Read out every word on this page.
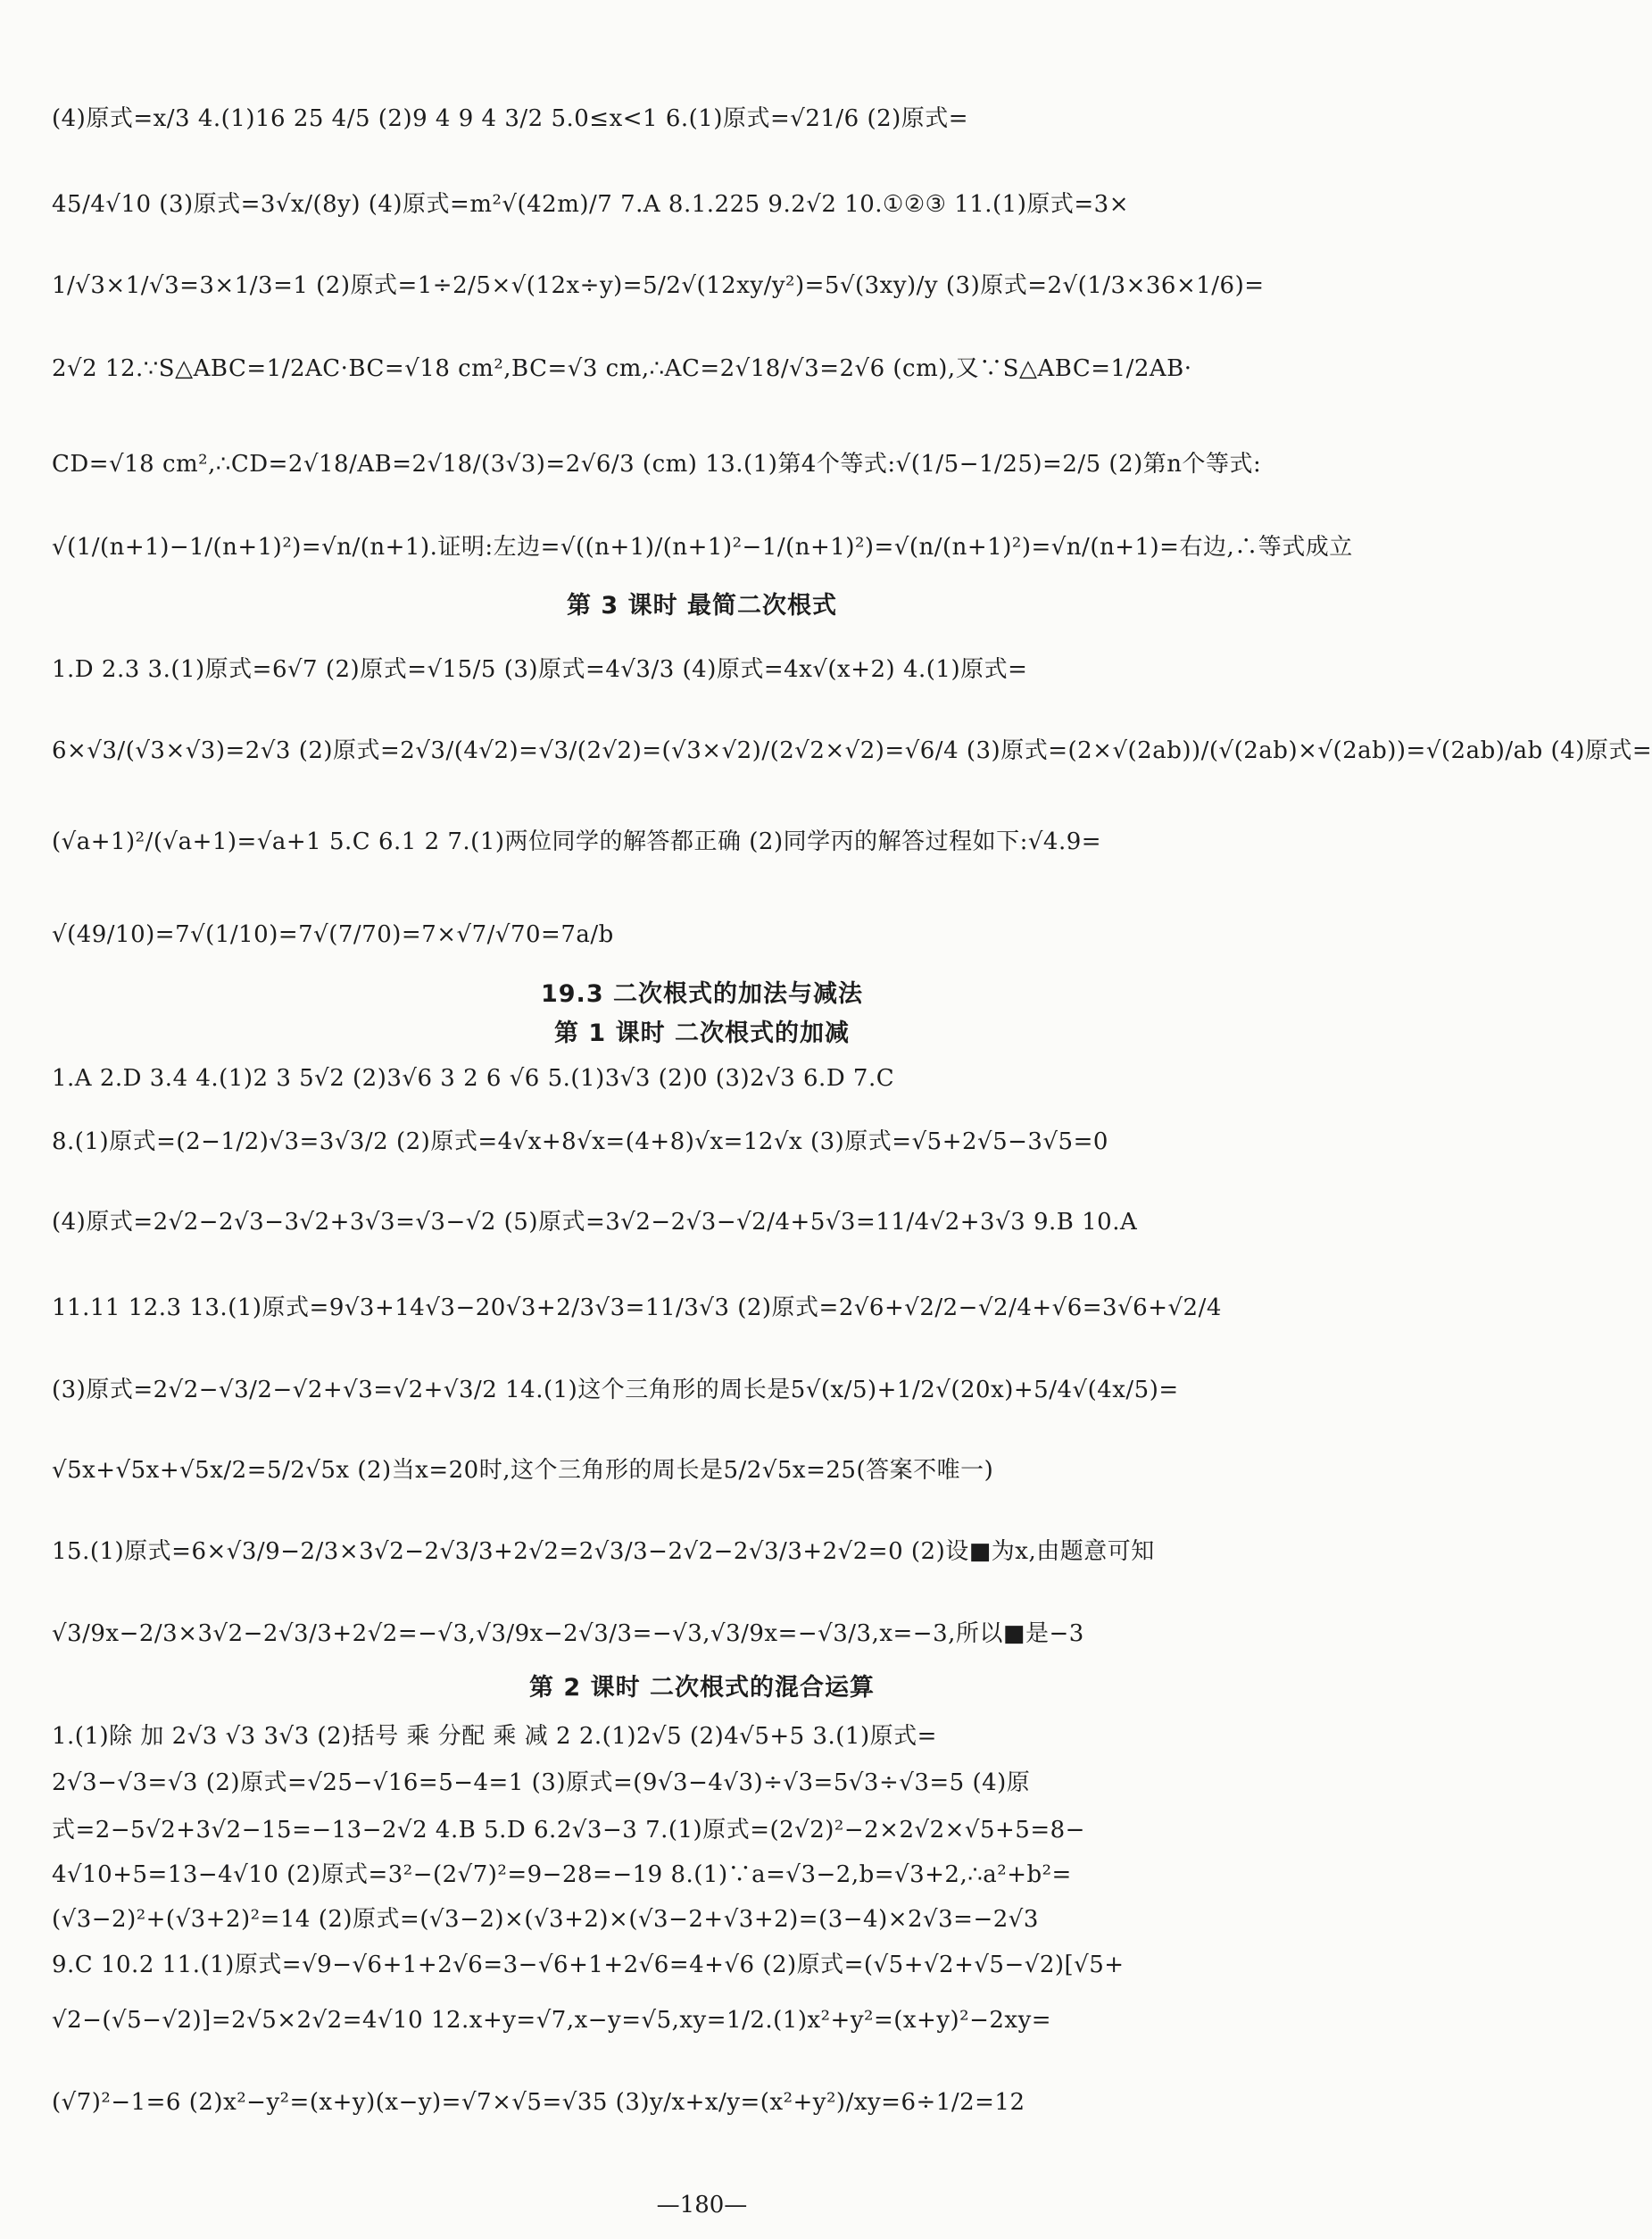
(4)原式=x/3 4.(1)16 25 4/5 (2)9 4 9 4 3/2 5.0≤x<1 6.(1)原式=√21/6 (2)原式=
45/4√10 (3)原式=3√x/(8y) (4)原式=m²√(42m)/7 7.A 8.1.225 9.2√2 10.①②③ 11.(1)原式=3×
1/√3×1/√3=3×1/3=1 (2)原式=1÷2/5×√(12x÷y)=5/2√(12xy/y²)=5√(3xy)/y (3)原式=2√(1/3×36×1/6)=
2√2 12.∵S△ABC=1/2AC·BC=√18 cm²,BC=√3 cm,∴AC=2√18/√3=2√6 (cm),又∵S△ABC=1/2AB·
CD=√18 cm²,∴CD=2√18/AB=2√18/(3√3)=2√6/3 (cm) 13.(1)第4个等式:√(1/5−1/25)=2/5 (2)第n个等式:
√(1/(n+1)−1/(n+1)²)=√n/(n+1).证明:左边=√((n+1)/(n+1)²−1/(n+1)²)=√(n/(n+1)²)=√n/(n+1)=右边,∴等式成立
第 3 课时 最简二次根式
1.D 2.3 3.(1)原式=6√7 (2)原式=√15/5 (3)原式=4√3/3 (4)原式=4x√(x+2) 4.(1)原式=
6×√3/(√3×√3)=2√3 (2)原式=2√3/(4√2)=√3/(2√2)=(√3×√2)/(2√2×√2)=√6/4 (3)原式=(2×√(2ab))/(√(2ab)×√(2ab))=√(2ab)/ab (4)原式=
(√a+1)²/(√a+1)=√a+1 5.C 6.1 2 7.(1)两位同学的解答都正确 (2)同学丙的解答过程如下:√4.9=
√(49/10)=7√(1/10)=7√(7/70)=7×√7/√70=7a/b
19.3 二次根式的加法与减法
第 1 课时 二次根式的加减
1.A 2.D 3.4 4.(1)2 3 5√2 (2)3√6 3 2 6 √6 5.(1)3√3 (2)0 (3)2√3 6.D 7.C
8.(1)原式=(2−1/2)√3=3√3/2 (2)原式=4√x+8√x=(4+8)√x=12√x (3)原式=√5+2√5−3√5=0
(4)原式=2√2−2√3−3√2+3√3=√3−√2 (5)原式=3√2−2√3−√2/4+5√3=11/4√2+3√3 9.B 10.A
11.11 12.3 13.(1)原式=9√3+14√3−20√3+2/3√3=11/3√3 (2)原式=2√6+√2/2−√2/4+√6=3√6+√2/4
(3)原式=2√2−√3/2−√2+√3=√2+√3/2 14.(1)这个三角形的周长是5√(x/5)+1/2√(20x)+5/4√(4x/5)=
√5x+√5x+√5x/2=5/2√5x (2)当x=20时,这个三角形的周长是5/2√5x=25(答案不唯一)
15.(1)原式=6×√3/9−2/3×3√2−2√3/3+2√2=2√3/3−2√2−2√3/3+2√2=0 (2)设■为x,由题意可知
√3/9x−2/3×3√2−2√3/3+2√2=−√3,√3/9x−2√3/3=−√3,√3/9x=−√3/3,x=−3,所以■是−3
第 2 课时 二次根式的混合运算
1.(1)除 加 2√3 √3 3√3 (2)括号 乘 分配 乘 减 2 2.(1)2√5 (2)4√5+5 3.(1)原式=
2√3−√3=√3 (2)原式=√25−√16=5−4=1 (3)原式=(9√3−4√3)÷√3=5√3÷√3=5 (4)原
式=2−5√2+3√2−15=−13−2√2 4.B 5.D 6.2√3−3 7.(1)原式=(2√2)²−2×2√2×√5+5=8−
4√10+5=13−4√10 (2)原式=3²−(2√7)²=9−28=−19 8.(1)∵a=√3−2,b=√3+2,∴a²+b²=
(√3−2)²+(√3+2)²=14 (2)原式=(√3−2)×(√3+2)×(√3−2+√3+2)=(3−4)×2√3=−2√3
9.C 10.2 11.(1)原式=√9−√6+1+2√6=3−√6+1+2√6=4+√6 (2)原式=(√5+√2+√5−√2)[√5+
√2−(√5−√2)]=2√5×2√2=4√10 12.x+y=√7,x−y=√5,xy=1/2.(1)x²+y²=(x+y)²−2xy=
(√7)²−1=6 (2)x²−y²=(x+y)(x−y)=√7×√5=√35 (3)y/x+x/y=(x²+y²)/xy=6÷1/2=12
—180—
